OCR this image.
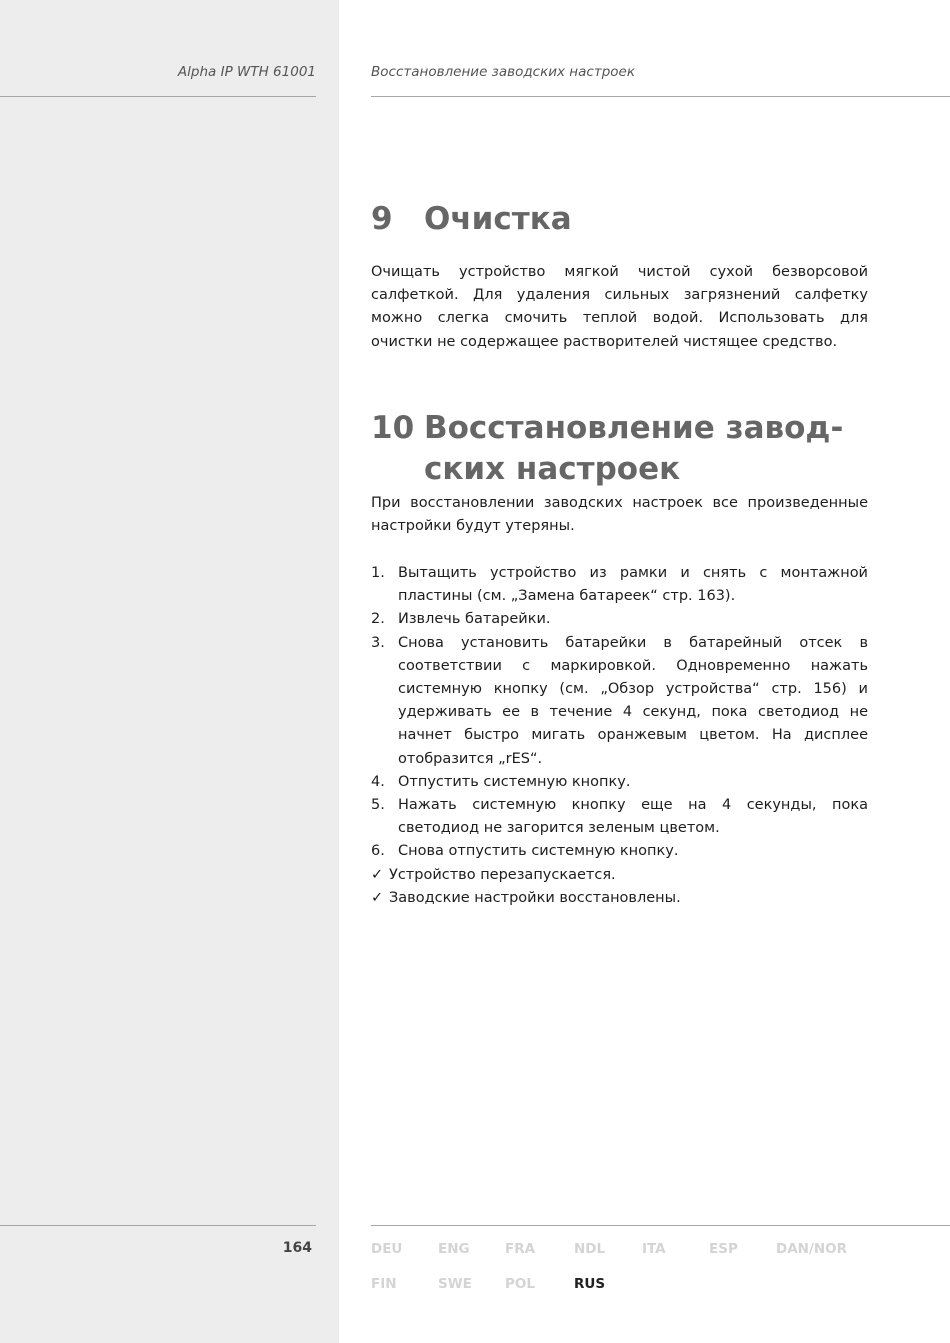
Alpha IP WTH 61001	Восстановление заводских настроек
9 Очистка

Очищать устройство мягкой чистой сухой безворсовой салфеткой. Для удаления сильных загрязнений салфетку можно слегка смочить теплой водой. Использовать для очистки не содержащее растворителей чистящее средство.

10 Восстановление завод-
ских настроек

При восстановлении заводских настроек все произведенные настройки будут утеряны.

1. Вытащить устройство из рамки и снять с монтажной пластины (см. „Замена батареек“ стр. 163).
2. Извлечь батарейки.
3. Снова установить батарейки в батарейный отсек в соответствии с маркировкой. Одновременно нажать системную кнопку (см. „Обзор устройства“ стр. 156) и удерживать ее в течение 4 секунд, пока светодиод не начнет быстро мигать оранжевым цветом. На дисплее отобразится „rES“.
4. Отпустить системную кнопку.
5. Нажать системную кнопку еще на 4 секунды, пока светодиод не загорится зеленым цветом.
6. Снова отпустить системную кнопку.
✓ Устройство перезапускается.
✓ Заводские настройки восстановлены.
164	DEU	ENG	FRA	NDL	ITA	ESP	DAN/NOR
FIN	SWE POL	RUS
